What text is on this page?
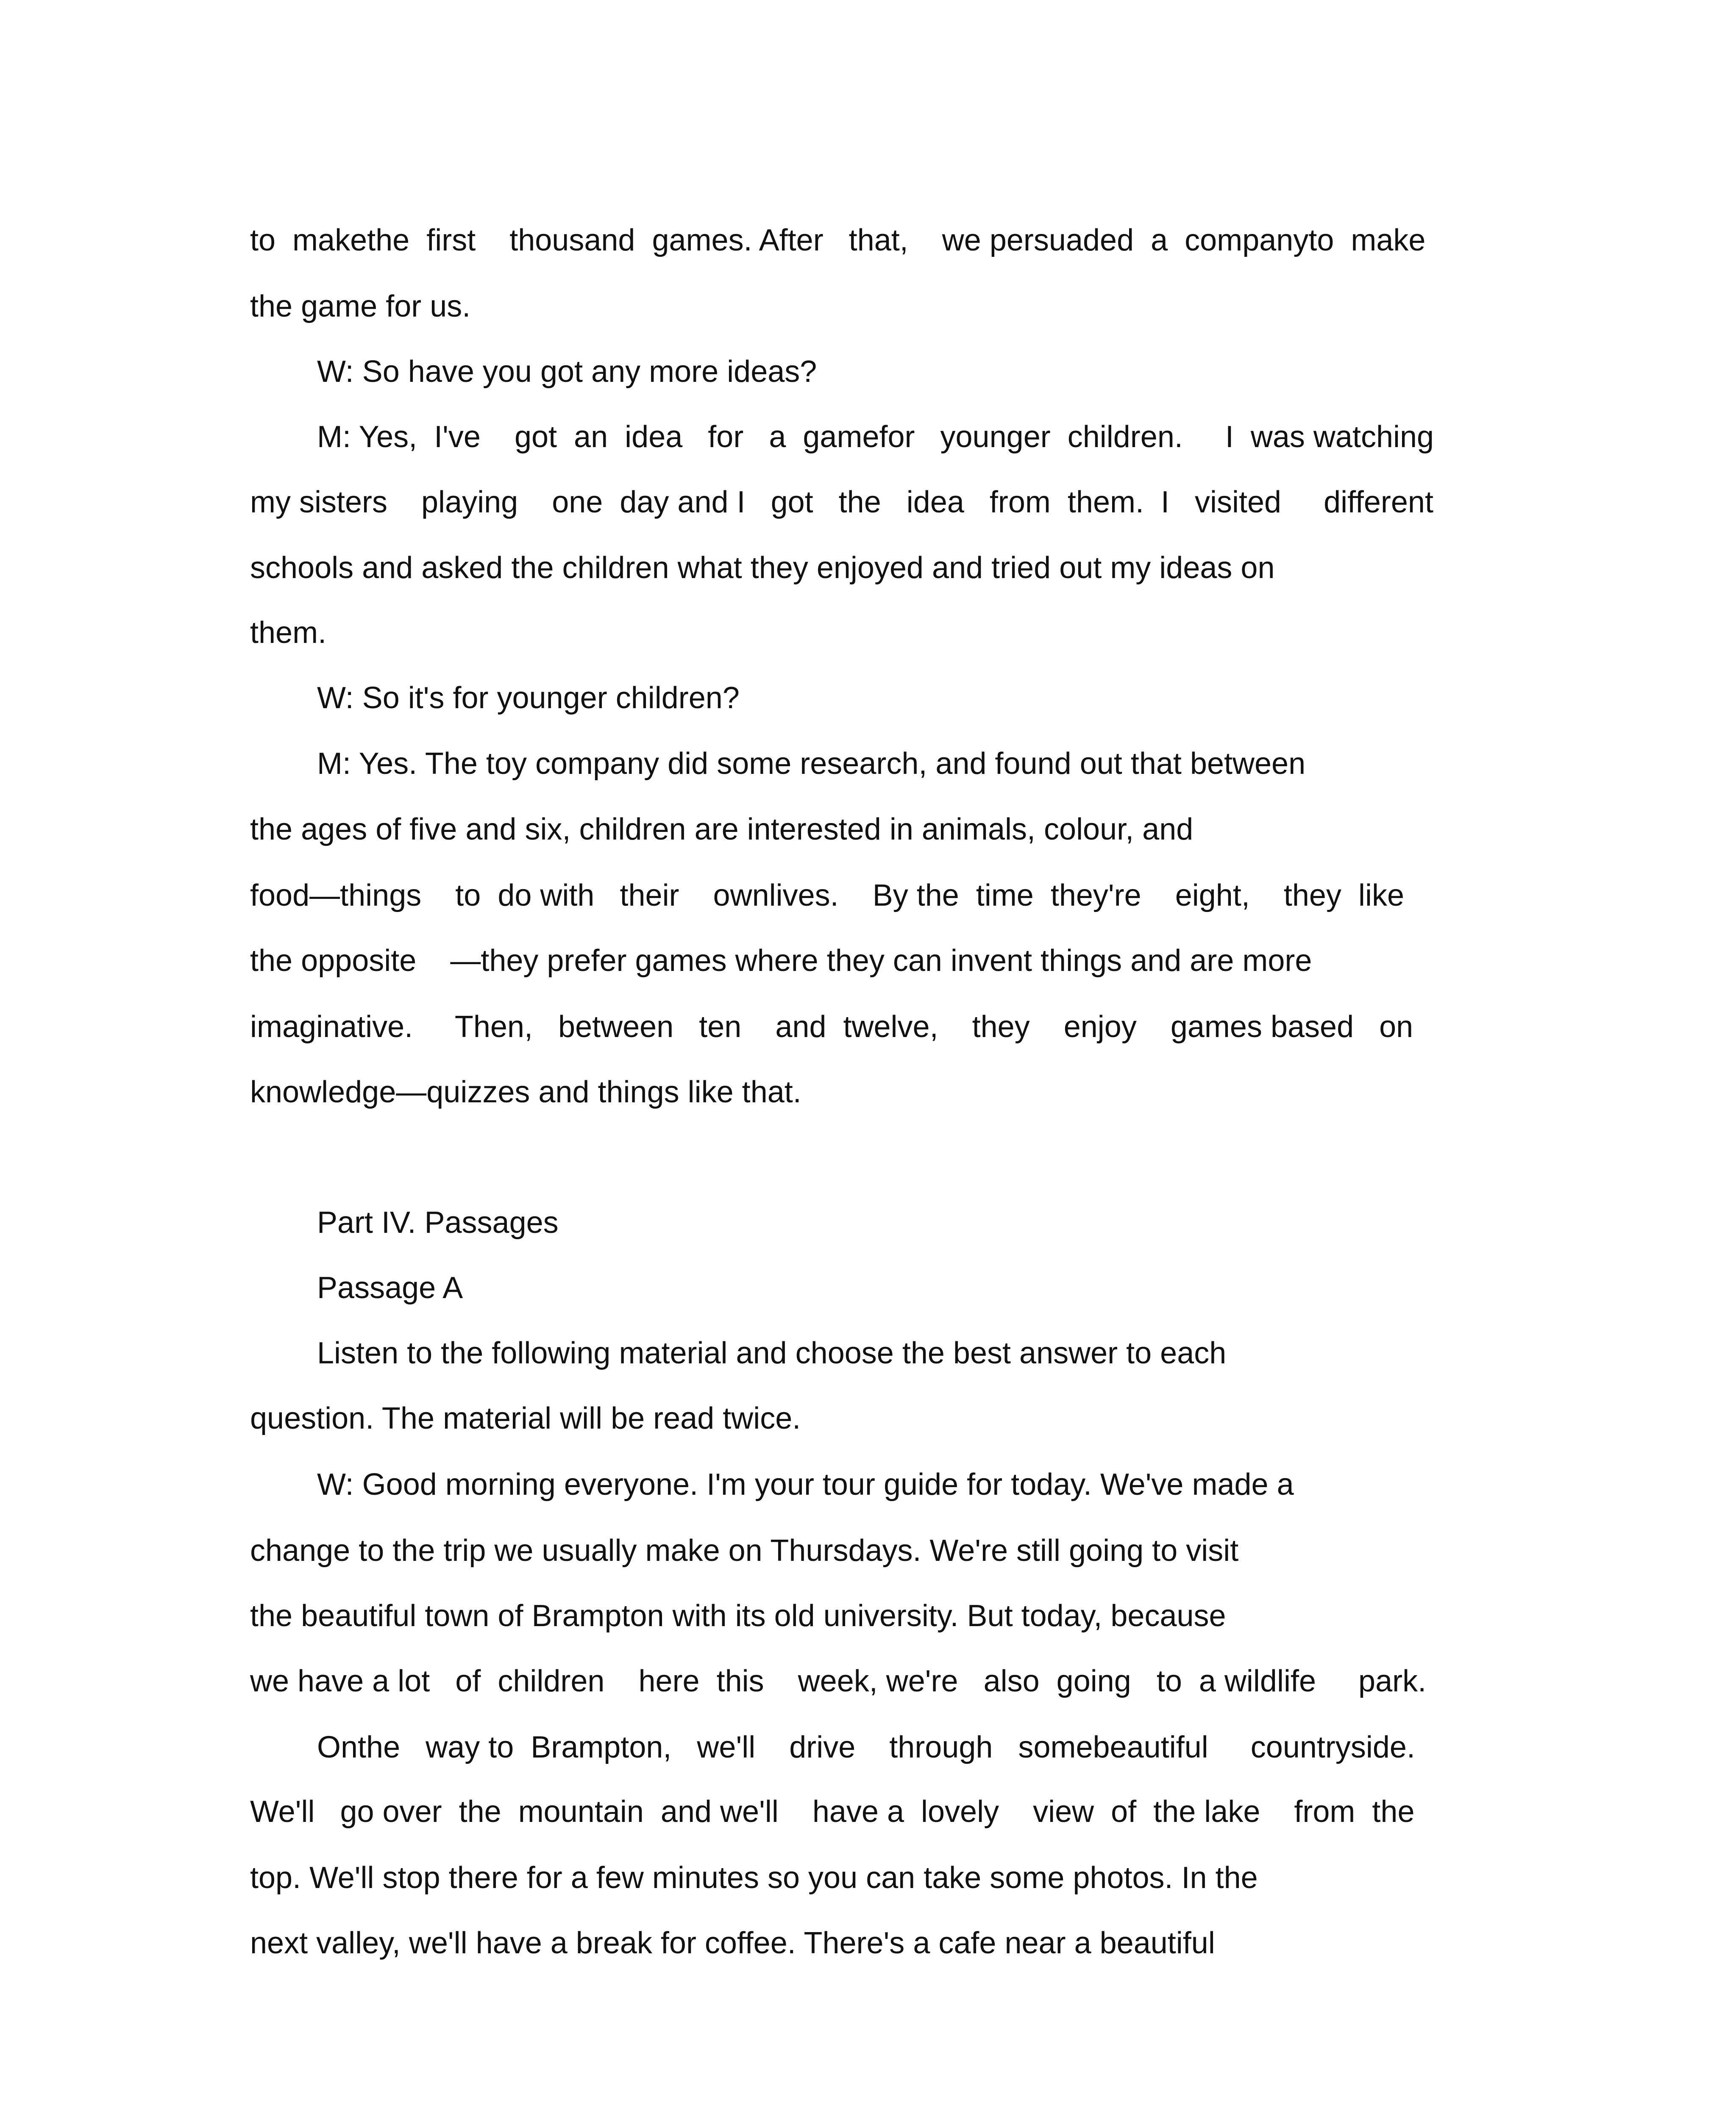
to  makethe  first    thousand  games. After   that,    we persuaded  a  companyto  make
the game for us.
W: So have you got any more ideas?
M: Yes,  I've    got  an  idea   for   a  gamefor   younger  children.     I  was watching
my sisters    playing    one  day and I   got   the   idea   from  them.  I   visited     different
schools and asked the children what they enjoyed and tried out my ideas on
them.
W: So it's for younger children?
M: Yes. The toy company did some research, and found out that between
the ages of five and six, children are interested in animals, colour, and
food—things    to  do with   their    ownlives.    By the  time  they're    eight,    they  like
the opposite    —they prefer games where they can invent things and are more
imaginative.     Then,   between   ten    and  twelve,    they    enjoy    games based   on
knowledge—quizzes and things like that.
Part IV. Passages
Passage A
Listen to the following material and choose the best answer to each
question. The material will be read twice.
W: Good morning everyone. I'm your tour guide for today. We've made a
change to the trip we usually make on Thursdays. We're still going to visit
the beautiful town of Brampton with its old university. But today, because
we have a lot   of  children    here  this    week, we're   also  going   to  a wildlife     park.
Onthe   way to  Brampton,   we'll    drive    through   somebeautiful     countryside.
We'll   go over  the  mountain  and we'll    have a  lovely    view  of  the lake    from  the
top. We'll stop there for a few minutes so you can take some photos. In the
next valley, we'll have a break for coffee. There's a cafe near a beautiful
